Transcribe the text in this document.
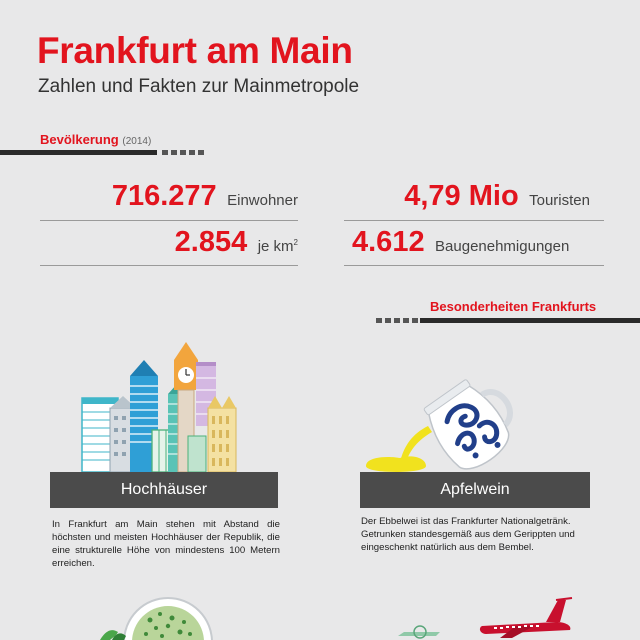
Frankfurt am Main
Zahlen und Fakten zur Mainmetropole
Bevölkerung (2014)
716.277 Einwohner	4,79 Mio Touristen
2.854 je $km^2$ 4.612 Baugenehmigungen
Besonderheiten Frankfurts
Hochhäuser	Apfelwein
In Frankfurt am Main stehen mit Abstand die höchsten und meisten Hochhäuser der Republik, die eine strukturelle Höhe von mindestens 100 Metern erreichen.
Der Ebbelwei ist das Frankfurter Nationalgetränk. Getrunken standesgemäß aus dem Gerippten und eingeschenkt natürlich aus dem Bembel.
